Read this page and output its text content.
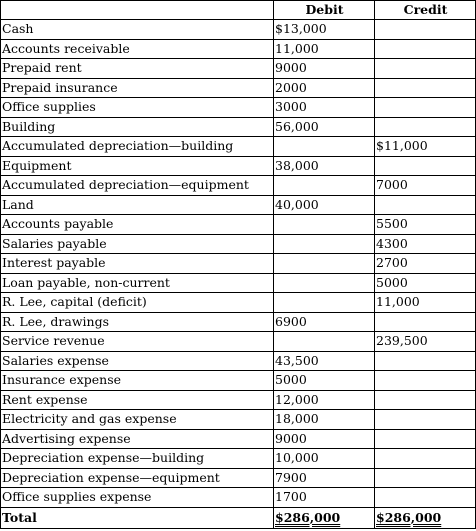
	Debit	Credit
Cash	$13,000	
Accounts receivable	11,000	
Prepaid rent	9000	
Prepaid insurance	2000	
Office supplies	3000	
Building	56,000	
Accumulated depreciation—building		$11,000
Equipment	38,000	
Accumulated depreciation—equipment		7000
Land	40,000	
Accounts payable		5500
Salaries payable		4300
Interest payable		2700
Loan payable, non-current		5000
R. Lee, capital (deficit)		11,000
R. Lee, drawings	6900	
Service revenue		239,500
Salaries expense	43,500	
Insurance expense	5000	
Rent expense	12,000	
Electricity and gas expense	18,000	
Advertising expense	9000	
Depreciation expense—building	10,000	
Depreciation expense—equipment	7900	
Office supplies expense	1700	
Total	$286,000	$286,000
